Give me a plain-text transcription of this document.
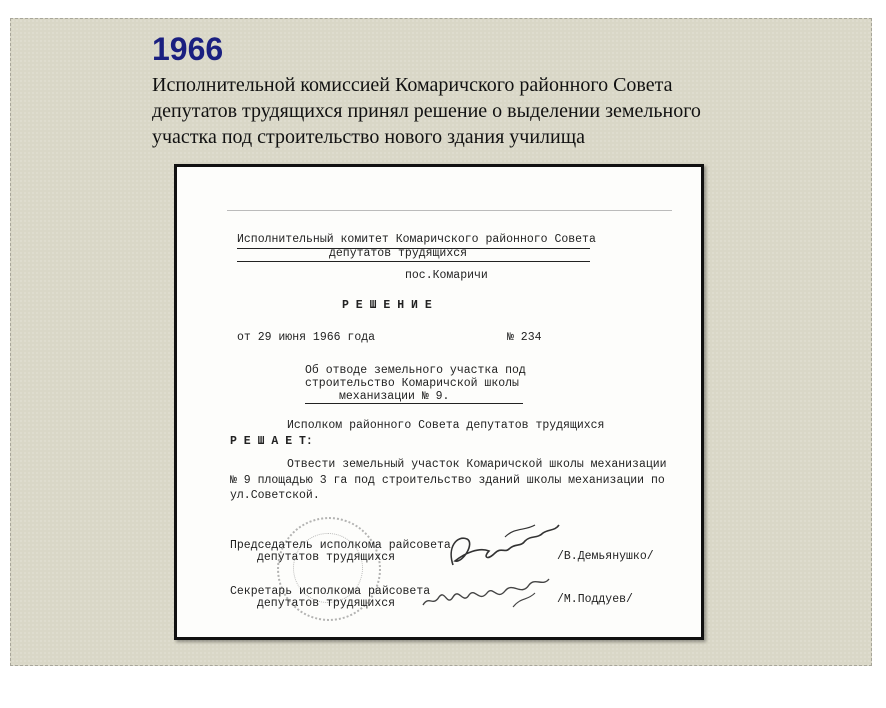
1966
Исполнительной комиссией Комаричского районного Совета
депутатов трудящихся принял решение о выделении земельного
участка под строительство нового здания училища
Исполнительный комитет Комаричского районного Совета
депутатов трудящихся
пос.Комаричи
Р Е Ш Е Н И Е
от 29 июня 1966 года	№ 234
Об отводе земельного участка под
строительство Комаричской школы
механизации № 9.
Исполком районного Совета депутатов трудящихся
Р Е Ш А Е Т:
Отвести земельный участок Комаричской школы механизации
№ 9 площадью 3 га под строительство зданий школы механизации по
ул.Советской.
Председатель исполкома райсовета
депутатов трудящихся	/В.Демьянушко/
Секретарь исполкома райсовета
депутатов трудящихся	/М.Поддуев/
